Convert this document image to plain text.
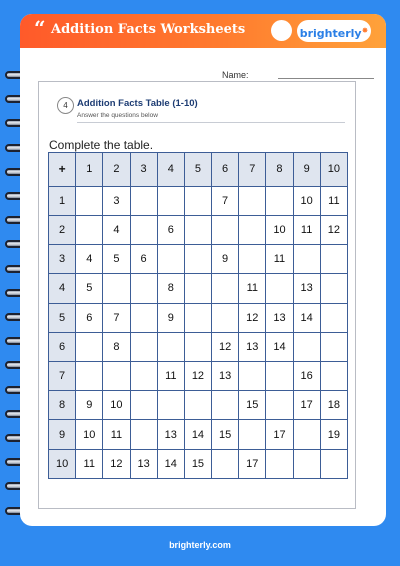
“ Addition Facts Worksheets	brighterly✸
Name:
4 Addition Facts Table (1-10)
Answer the questions below
Complete the table.
+	1	2	3	4	5	6	7	8	9	10
1		3				7			10	11
2		4		6				10	11	12
3	4	5	6			9		11		
4	5			8			11		13	
5	6	7		9			12	13	14	
6		8				12	13	14		
7				11	12	13			16	
8	9	10					15		17	18
9	10	11		13	14	15		17		19
10	11	12	13	14	15		17			
brighterly.com
